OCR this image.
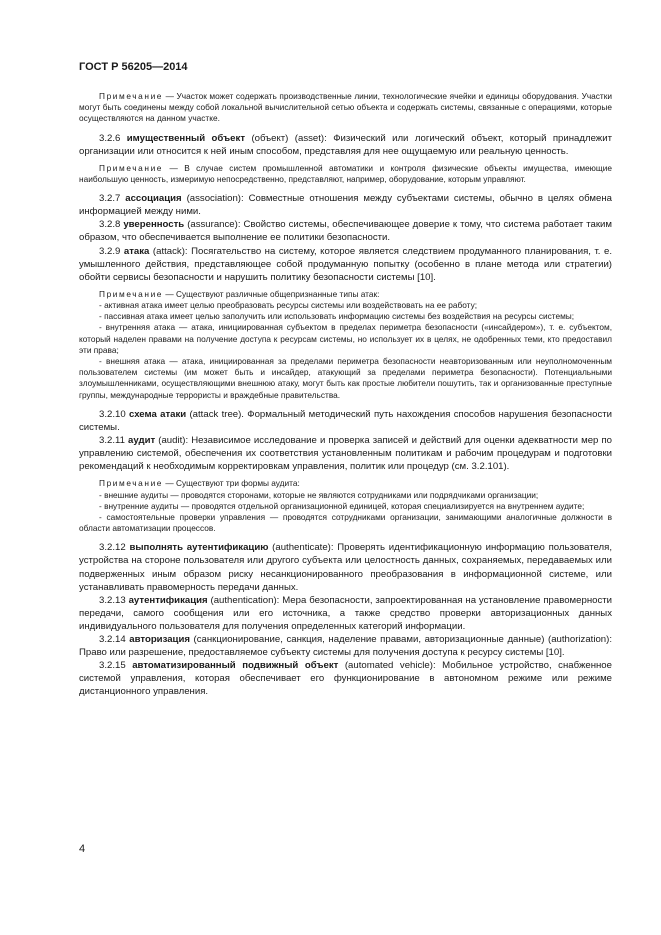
ГОСТ Р 56205—2014

Примечание — Участок может содержать производственные линии, технологические ячейки и единицы оборудования. Участки могут быть соединены между собой локальной вычислительной сетью объекта и содержать системы, связанные с операциями, которые осуществляются на данном участке.

3.2.6 имущественный объект (объект) (asset): Физический или логический объект, который принадлежит организации или относится к ней иным способом, представляя для нее ощущаемую или реальную ценность.

Примечание — В случае систем промышленной автоматики и контроля физические объекты имущества, имеющие наибольшую ценность, измеримую непосредственно, представляют, например, оборудование, которым управляют.

3.2.7 ассоциация (association): Совместные отношения между субъектами системы, обычно в целях обмена информацией между ними.

3.2.8 уверенность (assurance): Свойство системы, обеспечивающее доверие к тому, что система работает таким образом, что обеспечивается выполнение ее политики безопасности.

3.2.9 атака (attack): Посягательство на систему, которое является следствием продуманного планирования, т. е. умышленного действия, представляющее собой продуманную попытку (особенно в плане метода или стратегии) обойти сервисы безопасности и нарушить политику безопасности системы [10].

Примечание — Существуют различные общепризнанные типы атак:

- активная атака имеет целью преобразовать ресурсы системы или воздействовать на ее работу;

- пассивная атака имеет целью заполучить или использовать информацию системы без воздействия на ресурсы системы;

- внутренняя атака — атака, инициированная субъектом в пределах периметра безопасности («инсайдером»), т. е. субъектом, который наделен правами на получение доступа к ресурсам системы, но использует их в целях, не одобренных теми, кто предоставил эти права;

- внешняя атака — атака, инициированная за пределами периметра безопасности неавторизованным или неуполномоченным пользователем системы (им может быть и инсайдер, атакующий за пределами периметра безопасности). Потенциальными злоумышленниками, осуществляющими внешнюю атаку, могут быть как простые любители пошутить, так и организованные преступные группы, международные террористы и враждебные правительства.

3.2.10 схема атаки (attack tree). Формальный методический путь нахождения способов нарушения безопасности системы.

3.2.11 аудит (audit): Независимое исследование и проверка записей и действий для оценки адекватности мер по управлению системой, обеспечения их соответствия установленным политикам и рабочим процедурам и подготовки рекомендаций к необходимым корректировкам управления, политик или процедур (см. 3.2.101).

Примечание — Существуют три формы аудита:

- внешние аудиты — проводятся сторонами, которые не являются сотрудниками или подрядчиками организации;

- внутренние аудиты — проводятся отдельной организационной единицей, которая специализируется на внутреннем аудите;

- самостоятельные проверки управления — проводятся сотрудниками организации, занимающими аналогичные должности в области автоматизации процессов.

3.2.12 выполнять аутентификацию (authenticate): Проверять идентификационную информацию пользователя, устройства на стороне пользователя или другого субъекта или целостность данных, сохраняемых, передаваемых или подверженных иным образом риску несанкционированного преобразования в информационной системе, или устанавливать правомерность передачи данных.

3.2.13 аутентификация (authentication): Мера безопасности, запроектированная на установление правомерности передачи, самого сообщения или его источника, а также средство проверки авторизационных данных индивидуального пользователя для получения определенных категорий информации.

3.2.14 авторизация (санкционирование, санкция, наделение правами, авторизационные данные) (authorization): Право или разрешение, предоставляемое субъекту системы для получения доступа к ресурсу системы [10].

3.2.15 автоматизированный подвижный объект (automated vehicle): Мобильное устройство, снабженное системой управления, которая обеспечивает его функционирование в автономном режиме или режиме дистанционного управления.

4
